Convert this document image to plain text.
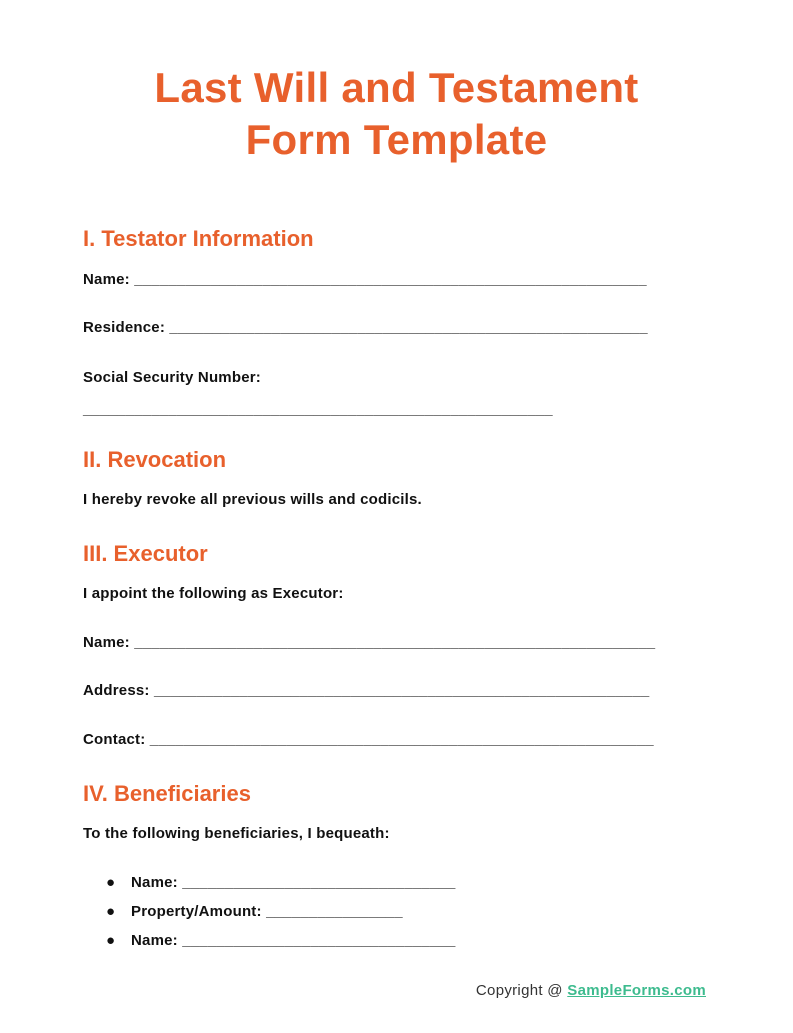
Last Will and Testament
Form Template
I. Testator Information
Name: ____________________________________________________________
Residence: ________________________________________________________
Social Security Number:
_______________________________________________________
II. Revocation
I hereby revoke all previous wills and codicils.
III. Executor
I appoint the following as Executor:
Name: _____________________________________________________________
Address: __________________________________________________________
Contact: ___________________________________________________________
IV. Beneficiaries
To the following beneficiaries, I bequeath:
● Name: ________________________________
● Property/Amount: ________________
● Name: ________________________________
Copyright @ SampleForms.com
